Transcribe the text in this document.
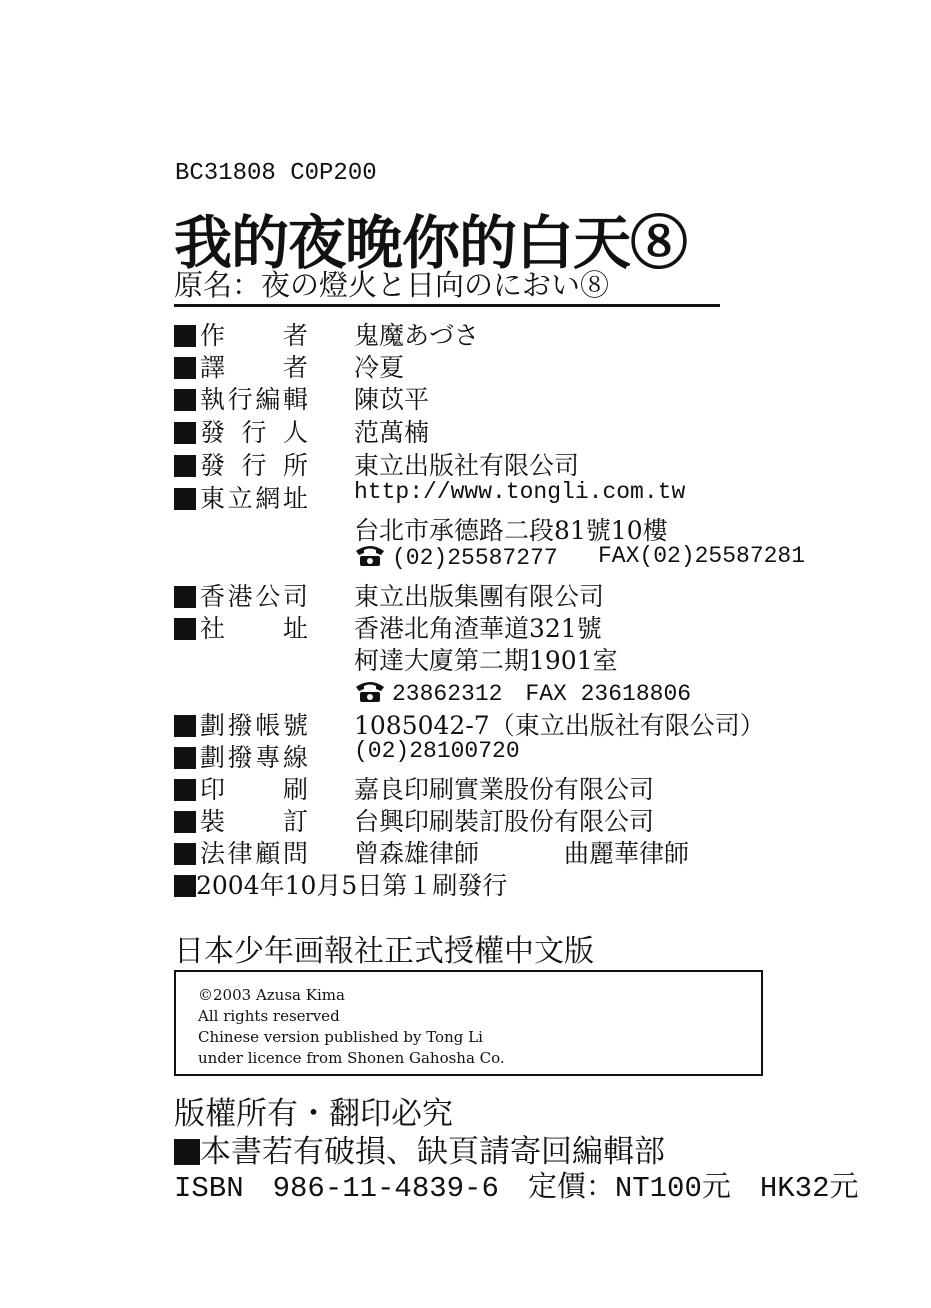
BC31808 C0P200
我的夜晚你的白天⑧
原名：夜の燈火と日向のにおい⑧
作　　者	鬼魔あづさ
譯　　者	冷夏
執行編輯	陳苡平
發 行 人	范萬楠
發 行 所	東立出版社有限公司
東立網址	http://www.tongli.com.tw
台北市承德路二段81號10樓
(02)25587277 FAX(02)25587281
香港公司	東立出版集團有限公司
社　　址	香港北角渣華道321號
柯達大廈第二期1901室
23862312　FAX 23618806
劃撥帳號	1085042-7（東立出版社有限公司）
劃撥專線	(02)28100720
印　　刷	嘉良印刷實業股份有限公司
裝　　訂	台興印刷裝訂股份有限公司
法律顧問	曾森雄律師	曲麗華律師
2004年10月5日第１刷發行
日本少年画報社正式授權中文版
©2003 Azusa Kima
All rights reserved
Chinese version published by Tong Li
under licence from Shonen Gahosha Co.
版權所有・翻印必究
本書若有破損、缺頁請寄回編輯部
ISBN　986-11-4839-6　定價：NT100元　HK32元
